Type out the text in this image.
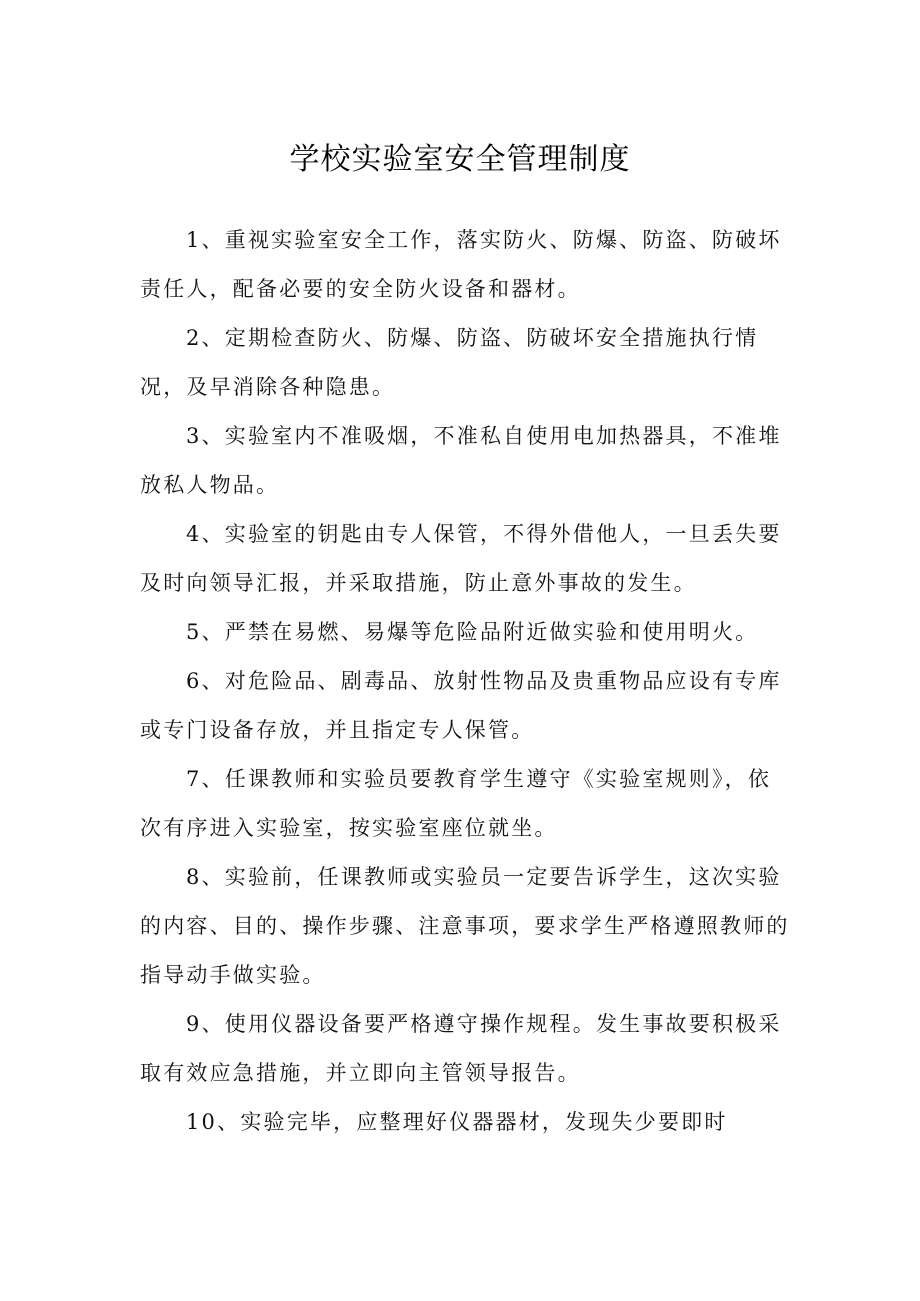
学校实验室安全管理制度

1、重视实验室安全工作，落实防火、防爆、防盗、防破坏责任人，配备必要的安全防火设备和器材。

2、定期检查防火、防爆、防盗、防破坏安全措施执行情况，及早消除各种隐患。

3、实验室内不准吸烟，不准私自使用电加热器具，不准堆放私人物品。

4、实验室的钥匙由专人保管，不得外借他人，一旦丢失要及时向领导汇报，并采取措施，防止意外事故的发生。

5、严禁在易燃、易爆等危险品附近做实验和使用明火。

6、对危险品、剧毒品、放射性物品及贵重物品应设有专库或专门设备存放，并且指定专人保管。

7、任课教师和实验员要教育学生遵守《实验室规则》，依次有序进入实验室，按实验室座位就坐。

8、实验前，任课教师或实验员一定要告诉学生，这次实验的内容、目的、操作步骤、注意事项，要求学生严格遵照教师的指导动手做实验。

9、使用仪器设备要严格遵守操作规程。发生事故要积极采取有效应急措施，并立即向主管领导报告。

10、实验完毕，应整理好仪器器材，发现失少要即时
